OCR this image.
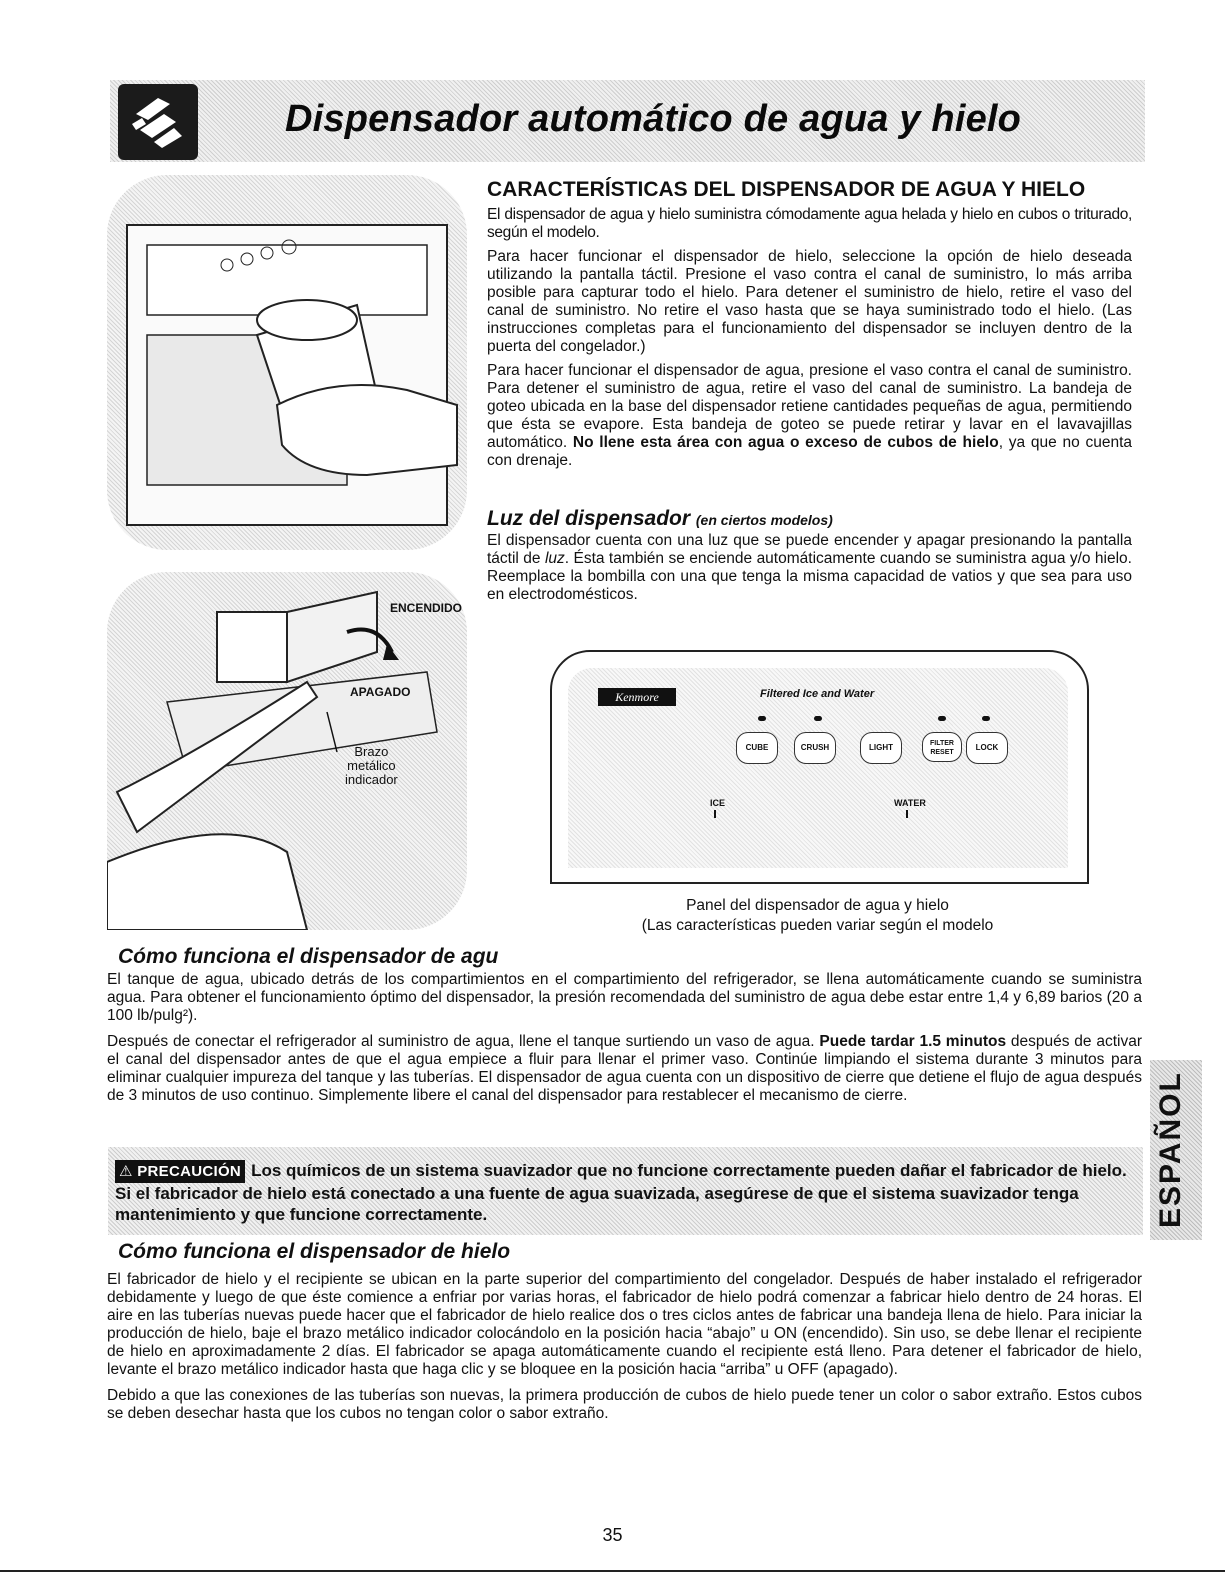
Dispensador automático de agua y hielo
ENCENDIDO
APAGADO
Brazo
metálico
indicador
CARACTERÍSTICAS DEL DISPENSADOR DE AGUA Y HIELO

El dispensador de agua y hielo suministra cómodamente agua helada y hielo en cubos o triturado, según el modelo.

Para hacer funcionar el dispensador de hielo, seleccione la opción de hielo deseada utilizando la pantalla táctil. Presione el vaso contra el canal de suministro, lo más arriba posible para capturar todo el hielo. Para detener el suministro de hielo, retire el vaso del canal de suministro. No retire el vaso hasta que se haya suministrado todo el hielo. (Las instrucciones completas para el funcionamiento del dispensador se incluyen dentro de la puerta del congelador.)

Para hacer funcionar el dispensador de agua, presione el vaso contra el canal de suministro. Para detener el suministro de agua, retire el vaso del canal de suministro. La bandeja de goteo ubicada en la base del dispensador retiene cantidades pequeñas de agua, permitiendo que ésta se evapore. Esta bandeja de goteo se puede retirar y lavar en el lavavajillas automático. No llene esta área con agua o exceso de cubos de hielo, ya que no cuenta con drenaje.

Luz del dispensador (en ciertos modelos)

El dispensador cuenta con una luz que se puede encender y apagar presionando la pantalla táctil de luz. Ésta también se enciende automáticamente cuando se suministra agua y/o hielo. Reemplace la bombilla con una que tenga la misma capacidad de vatios y que sea para uso en electrodomésticos.

Kenmore	Filtered Ice and Water
CUBE	CRUSH	LIGHT	FILTER RESET
LOCK
ICE	WATER
Panel del dispensador de agua y hielo
(Las características pueden variar según el modelo
Cómo funciona el dispensador de agu

El tanque de agua, ubicado detrás de los compartimientos en el compartimiento del refrigerador, se llena automáticamente cuando se suministra agua. Para obtener el funcionamiento óptimo del dispensador, la presión recomendada del suministro de agua debe estar entre 1,4 y 6,89 barios (20 a 100 lb/pulg²).

Después de conectar el refrigerador al suministro de agua, llene el tanque surtiendo un vaso de agua. Puede tardar 1.5 minutos después de activar el canal del dispensador antes de que el agua empiece a fluir para llenar el primer vaso. Continúe limpiando el sistema durante 3 minutos para eliminar cualquier impureza del tanque y las tuberías. El dispensador de agua cuenta con un dispositivo de cierre que detiene el flujo de agua después de 3 minutos de uso continuo. Simplemente libere el canal del dispensador para restablecer el mecanismo de cierre.

⚠ PRECAUCIÓN Los químicos de un sistema suavizador que no funcione correctamente pueden dañar el fabricador de hielo. Si el fabricador de hielo está conectado a una fuente de agua suavizada, asegúrese de que el sistema suavizador tenga mantenimiento y que funcione correctamente.

Cómo funciona el dispensador de hielo

El fabricador de hielo y el recipiente se ubican en la parte superior del compartimiento del congelador. Después de haber instalado el refrigerador debidamente y luego de que éste comience a enfriar por varias horas, el fabricador de hielo podrá comenzar a fabricar hielo dentro de 24 horas. El aire en las tuberías nuevas puede hacer que el fabricador de hielo realice dos o tres ciclos antes de fabricar una bandeja llena de hielo. Para iniciar la producción de hielo, baje el brazo metálico indicador colocándolo en la posición hacia “abajo” u ON (encendido). Sin uso, se debe llenar el recipiente de hielo en aproximadamente 2 días. El fabricador se apaga automáticamente cuando el recipiente está lleno. Para detener el fabricador de hielo, levante el brazo metálico indicador hasta que haga clic y se bloquee en la posición hacia “arriba” u OFF (apagado).

Debido a que las conexiones de las tuberías son nuevas, la primera producción de cubos de hielo puede tener un color o sabor extraño. Estos cubos se deben desechar hasta que los cubos no tengan color o sabor extraño.

ESPAÑOL
35
